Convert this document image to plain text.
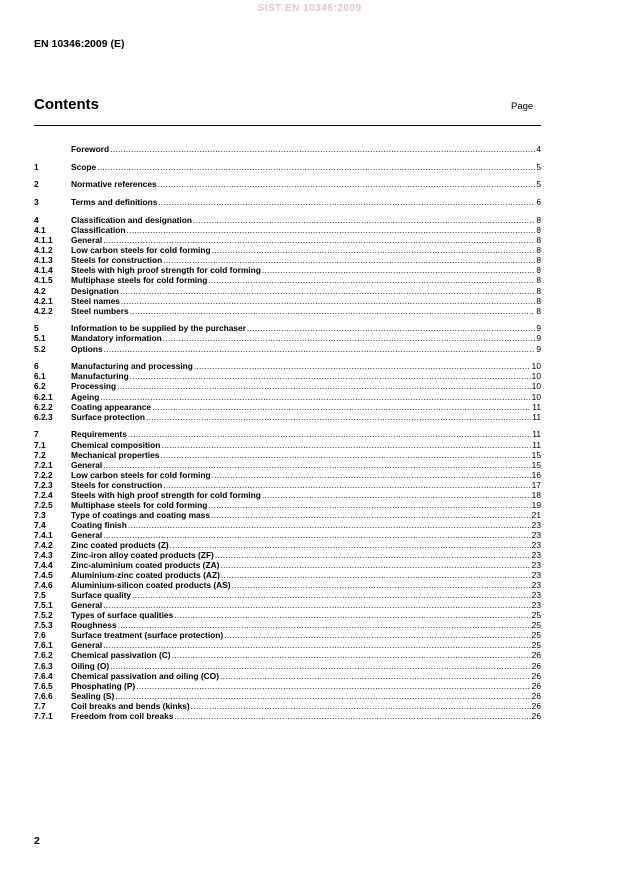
SIST EN 10346:2009
EN 10346:2009 (E)
Contents	Page
Foreword .....	4
1	Scope .....	5
2	Normative references .....	5
3	Terms and definitions .....	6
4	Classification and designation .....	8
4.1	Classification .....	8
4.1.1	General .....	8
4.1.2	Low carbon steels for cold forming .....	8
4.1.3	Steels for construction .....	8
4.1.4	Steels with high proof strength for cold forming .....	8
4.1.5	Multiphase steels for cold forming .....	8
4.2	Designation .....	8
4.2.1	Steel names .....	8
4.2.2	Steel numbers .....	8
5	Information to be supplied by the purchaser .....	9
5.1	Mandatory information .....	9
5.2	Options .....	9
6	Manufacturing and processing .....	10
6.1	Manufacturing .....	10
6.2	Processing .....	10
6.2.1	Ageing .....	10
6.2.2	Coating appearance .....	11
6.2.3	Surface protection .....	11
7	Requirements .....	11
7.1	Chemical composition .....	11
7.2	Mechanical properties .....	15
7.2.1	General .....	15
7.2.2	Low carbon steels for cold forming .....	16
7.2.3	Steels for construction .....	17
7.2.4	Steels with high proof strength for cold forming .....	18
7.2.5	Multiphase steels for cold forming .....	19
7.3	Type of coatings and coating mass .....	21
7.4	Coating finish .....	23
7.4.1	General .....	23
7.4.2	Zinc coated products (Z) .....	23
7.4.3	Zinc-iron alloy coated products (ZF) .....	23
7.4.4	Zinc-aluminium coated products (ZA) .....	23
7.4.5	Aluminium-zinc coated products (AZ) .....	23
7.4.6	Aluminium-silicon coated products (AS) .....	23
7.5	Surface quality .....	23
7.5.1	General .....	23
7.5.2	Types of surface qualities .....	25
7.5.3	Roughness .....	25
7.6	Surface treatment (surface protection) .....	25
7.6.1	General .....	25
7.6.2	Chemical passivation (C) .....	26
7.6.3	Oiling (O) .....	26
7.6.4	Chemical passivation and oiling (CO) .....	26
7.6.5	Phosphating (P) .....	26
7.6.6	Sealing (S) .....	26
7.7	Coil breaks and bends (kinks) .....	26
7.7.1	Freedom from coil breaks .....	26
2
